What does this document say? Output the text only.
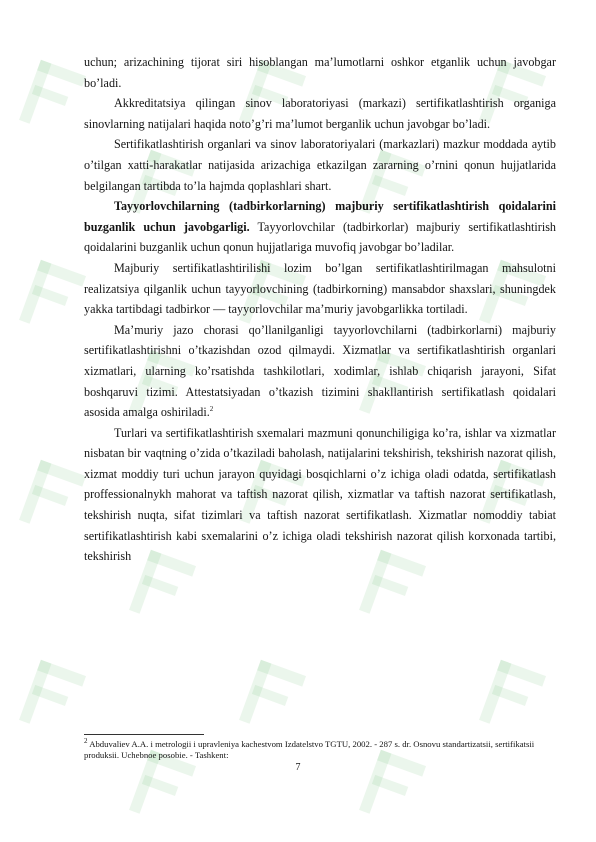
uchun; arizachining tijorat siri hisoblangan ma’lumotlarni oshkor etganlik uchun javobgar bo’ladi.

Akkreditatsiya qilingan sinov laboratoriyasi (markazi) sertifikatlashtirish organiga sinovlarning natijalari haqida noto’g’ri ma’lumot berganlik uchun javobgar bo’ladi.

Sertifikatlashtirish organlari va sinov laboratoriyalari (markazlari) mazkur moddada aytib o’tilgan xatti-harakatlar natijasida arizachiga etkazilgan zararning o’rnini qonun hujjatlarida belgilangan tartibda to’la hajmda qoplashlari shart.

Tayyorlovchilarning (tadbirkorlarning) majburiy sertifikatlashtirish qoidalarini buzganlik uchun javobgarligi. Tayyorlovchilar (tadbirkorlar) majburiy sertifikatlashtirish qoidalarini buzganlik uchun qonun hujjatlariga muvofiq javobgar bo’ladilar.

Majburiy sertifikatlashtirilishi lozim bo’lgan sertifikatlashtirilmagan mahsulotni realizatsiya qilganlik uchun tayyorlovchining (tadbirkorning) mansabdor shaxslari, shuningdek yakka tartibdagi tadbirkor — tayyorlovchilar ma’muriy javobgarlikka tortiladi.

Ma’muriy jazo chorasi qo’llanilganligi tayyorlovchilarni (tadbirkorlarni) majburiy sertifikatlashtirishni o’tkazishdan ozod qilmaydi. Xizmatlar va sertifikatlashtirish organlari xizmatlari, ularning ko’rsatishda tashkilotlari, xodimlar, ishlab chiqarish jarayoni, Sifat boshqaruvi tizimi. Attestatsiyadan o’tkazish tizimini shakllantirish sertifikatlash qoidalari asosida amalga oshiriladi.$^2$

Turlari va sertifikatlashtirish sxemalari mazmuni qonunchiligiga ko’ra, ishlar va xizmatlar nisbatan bir vaqtning o’zida o’tkaziladi baholash, natijalarini tekshirish, tekshirish nazorat qilish, xizmat moddiy turi uchun jarayon quyidagi bosqichlarni o’z ichiga oladi odatda, sertifikatlash proffessionalnykh mahorat va taftish nazorat qilish, xizmatlar va taftish nazorat sertifikatlash, tekshirish nuqta, sifat tizimlari va taftish nazorat sertifikatlash. Xizmatlar nomoddiy tabiat sertifikatlashtirish kabi sxemalarini o’z ichiga oladi tekshirish nazorat qilish korxonada tartibi, tekshirish

$^2$ Abduvaliev A.A. i metrologii i upravleniya kachestvom Izdatelstvo TGTU, 2002. - 287 s. dr. Osnovu standartizatsii, sertifikatsii produksii. Uchebnoe posobie. - Tashkent:
7
